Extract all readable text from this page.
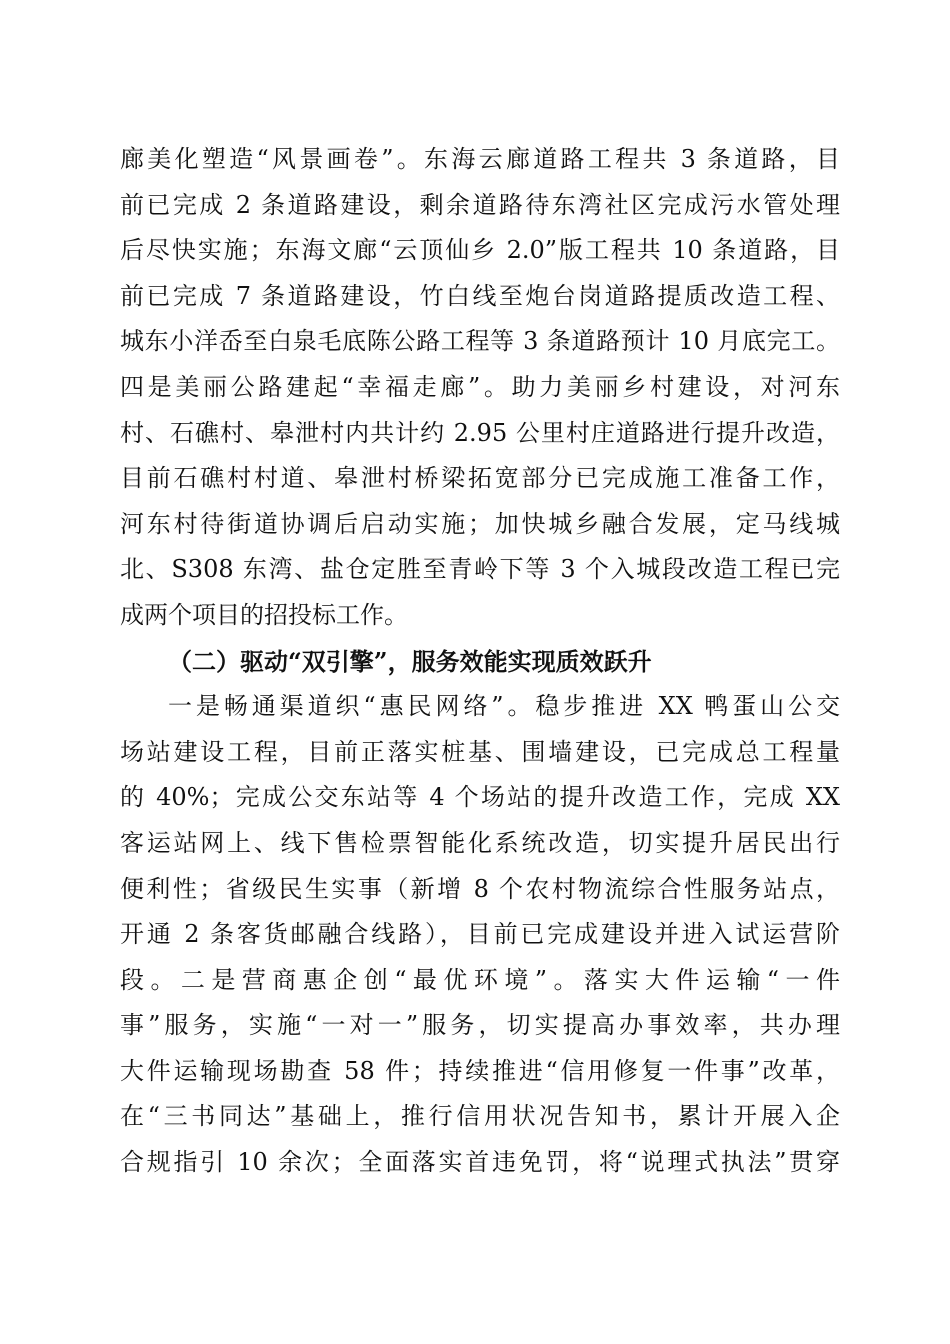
廊美化塑造“风景画卷”。东海云廊道路工程共 3 条道路，目
前已完成 2 条道路建设，剩余道路待东湾社区完成污水管处理
后尽快实施；东海文廊“云顶仙乡 2.0”版工程共 10 条道路，目
前已完成 7 条道路建设，竹白线至炮台岗道路提质改造工程、
城东小洋岙至白泉毛底陈公路工程等 3 条道路预计 10 月底完工。
四是美丽公路建起“幸福走廊”。助力美丽乡村建设，对河东
村、石礁村、皋泄村内共计约 2.95 公里村庄道路进行提升改造，
目前石礁村村道、皋泄村桥梁拓宽部分已完成施工准备工作，
河东村待街道协调后启动实施；加快城乡融合发展，定马线城
北、S308 东湾、盐仓定胜至青岭下等 3 个入城段改造工程已完
成两个项目的招投标工作。
（二）驱动“双引擎”，服务效能实现质效跃升
一是畅通渠道织“惠民网络”。稳步推进 XX 鸭蛋山公交
场站建设工程，目前正落实桩基、围墙建设，已完成总工程量
的 40%；完成公交东站等 4 个场站的提升改造工作，完成 XX
客运站网上、线下售检票智能化系统改造，切实提升居民出行
便利性；省级民生实事（新增 8 个农村物流综合性服务站点，
开通 2 条客货邮融合线路），目前已完成建设并进入试运营阶
段。二是营商惠企创“最优环境”。落实大件运输“一件
事”服务，实施“一对一”服务，切实提高办事效率，共办理
大件运输现场勘查 58 件；持续推进“信用修复一件事”改革，
在“三书同达”基础上，推行信用状况告知书，累计开展入企
合规指引 10 余次；全面落实首违免罚，将“说理式执法”贯穿
